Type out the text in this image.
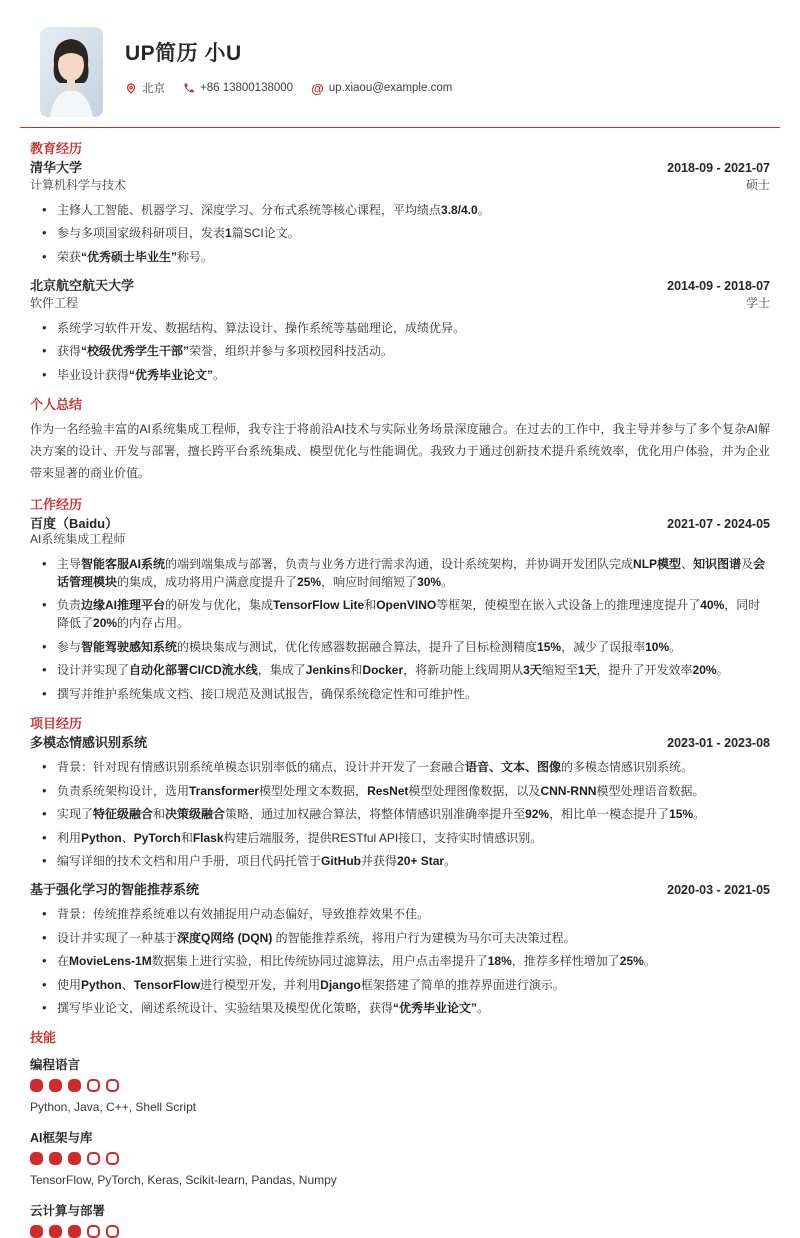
UP简历 小U
北京	+86 13800138000 @ up.xiaou@example.com
教育经历
清华大学	2018-09 - 2021-07
计算机科学与技术	硕士
• 主修人工智能、机器学习、深度学习、分布式系统等核心课程，平均绩点3.8/4.0。
• 参与多项国家级科研项目，发表1篇SCI论文。
• 荣获“优秀硕士毕业生”称号。
北京航空航天大学	2014-09 - 2018-07
软件工程	学士
• 系统学习软件开发、数据结构、算法设计、操作系统等基础理论，成绩优异。
• 获得“校级优秀学生干部”荣誉，组织并参与多项校园科技活动。
• 毕业设计获得“优秀毕业论文”。
个人总结
作为一名经验丰富的AI系统集成工程师，我专注于将前沿AI技术与实际业务场景深度融合。在过去的工作中，我主导并参与了多个复杂AI解决方案的设计、开发与部署，擅长跨平台系统集成、模型优化与性能调优。我致力于通过创新技术提升系统效率，优化用户体验，并为企业带来显著的商业价值。
工作经历
百度（Baidu）	2021-07 - 2024-05
AI系统集成工程师
• 主导智能客服AI系统的端到端集成与部署，负责与业务方进行需求沟通，设计系统架构，并协调开发团队完成NLP模型、知识图谱及会话管理模块的集成，成功将用户满意度提升了25%，响应时间缩短了30%。
• 负责边缘AI推理平台的研发与优化，集成TensorFlow Lite和OpenVINO等框架，使模型在嵌入式设备上的推理速度提升了40%，同时降低了20%的内存占用。
• 参与智能驾驶感知系统的模块集成与测试，优化传感器数据融合算法，提升了目标检测精度15%，减少了误报率10%。
• 设计并实现了自动化部署CI/CD流水线，集成了Jenkins和Docker，将新功能上线周期从3天缩短至1天，提升了开发效率20%。
• 撰写并维护系统集成文档、接口规范及测试报告，确保系统稳定性和可维护性。
项目经历
多模态情感识别系统	2023-01 - 2023-08
• 背景：针对现有情感识别系统单模态识别率低的痛点，设计并开发了一套融合语音、文本、图像的多模态情感识别系统。
• 负责系统架构设计，选用Transformer模型处理文本数据，ResNet模型处理图像数据，以及CNN-RNN模型处理语音数据。
• 实现了特征级融合和决策级融合策略，通过加权融合算法，将整体情感识别准确率提升至92%，相比单一模态提升了15%。
• 利用Python、PyTorch和Flask构建后端服务，提供RESTful API接口，支持实时情感识别。
• 编写详细的技术文档和用户手册，项目代码托管于GitHub并获得20+ Star。
基于强化学习的智能推荐系统	2020-03 - 2021-05
• 背景：传统推荐系统难以有效捕捉用户动态偏好，导致推荐效果不佳。
• 设计并实现了一种基于深度Q网络 (DQN) 的智能推荐系统，将用户行为建模为马尔可夫决策过程。
• 在MovieLens-1M数据集上进行实验，相比传统协同过滤算法，用户点击率提升了18%，推荐多样性增加了25%。
• 使用Python、TensorFlow进行模型开发，并利用Django框架搭建了简单的推荐界面进行演示。
• 撰写毕业论文，阐述系统设计、实验结果及模型优化策略，获得“优秀毕业论文”。
技能
编程语言
Python, Java, C++, Shell Script
AI框架与库
TensorFlow, PyTorch, Keras, Scikit-learn, Pandas, Numpy
云计算与部署
